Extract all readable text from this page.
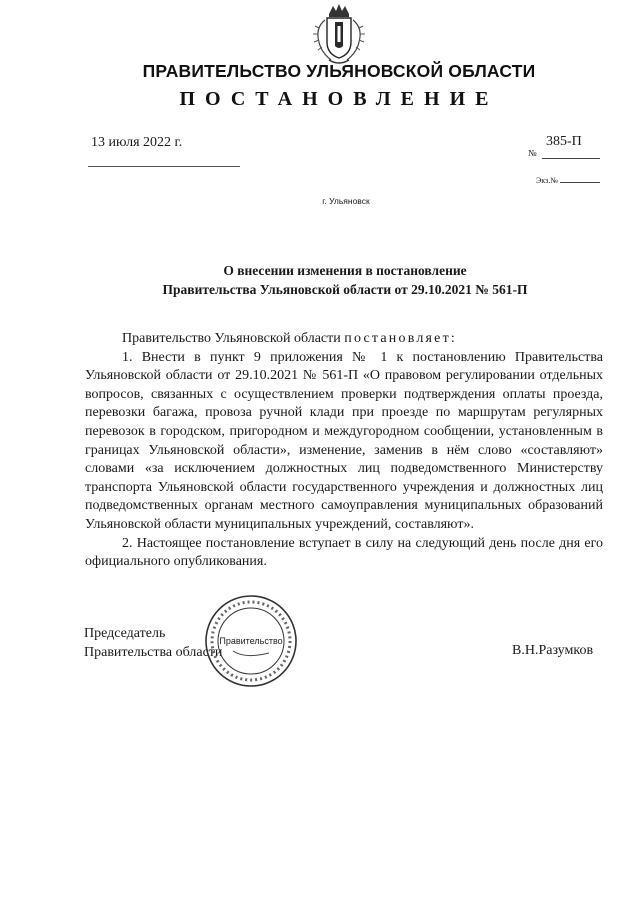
ПРАВИТЕЛЬСТВО УЛЬЯНОВСКОЙ ОБЛАСТИ
ПОСТАНОВЛЕНИЕ
13 июля 2022 г.	385-П
№
Экз.№
г. Ульяновск
О внесении изменения в постановление
Правительства Ульяновской области от 29.10.2021 № 561-П
Правительство Ульяновской области постановляет:

1. Внести в пункт 9 приложения № 1 к постановлению Правительства Ульяновской области от 29.10.2021 № 561-П «О правовом регулировании отдельных вопросов, связанных с осуществлением проверки подтверждения оплаты проезда, перевозки багажа, провоза ручной клади при проезде по маршрутам регулярных перевозок в городском, пригородном и междугородном сообщении, установленным в границах Ульяновской области», изменение, заменив в нём слово «составляют» словами «за исключением должностных лиц подведомственного Министерству транспорта Ульяновской области государственного учреждения и должностных лиц подведомственных органам местного самоуправления муниципальных образований Ульяновской области муниципальных учреждений, составляют».

2. Настоящее постановление вступает в силу на следующий день после дня его официального опубликования.

Председатель
Правительства области	В.Н.Разумков
Правительство
